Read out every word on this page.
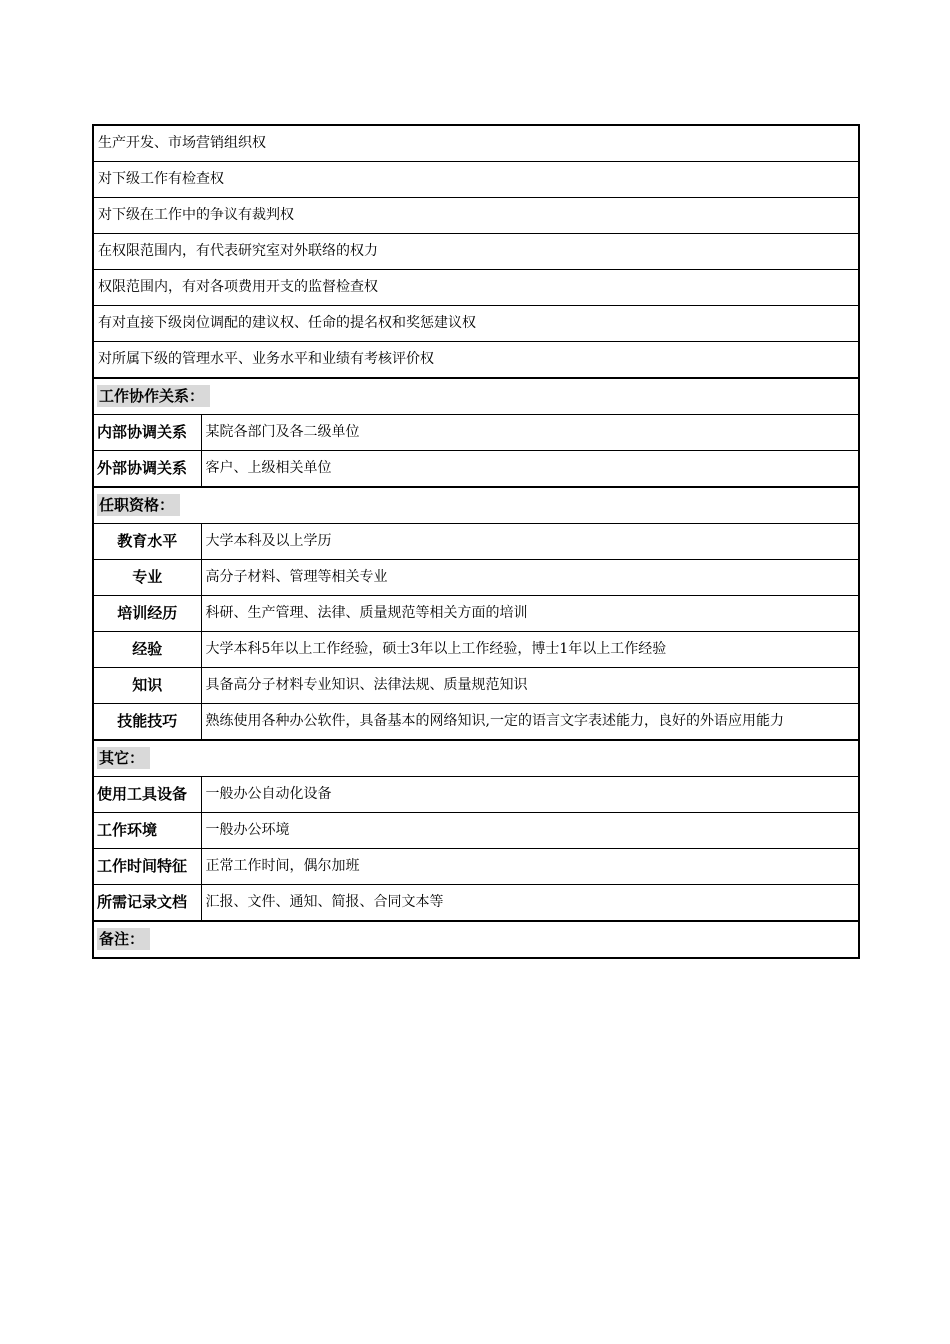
生产开发、市场营销组织权	
对下级工作有检查权	
对下级在工作中的争议有裁判权	
在权限范围内，有代表研究室对外联络的权力	
权限范围内，有对各项费用开支的监督检查权	
有对直接下级岗位调配的建议权、任命的提名权和奖惩建议权	
对所属下级的管理水平、业务水平和业绩有考核评价权	
工作协作关系：	
内部协调关系	某院各部门及各二级单位
外部协调关系	客户、上级相关单位
任职资格：	
教育水平	大学本科及以上学历
专业	高分子材料、管理等相关专业
培训经历	科研、生产管理、法律、质量规范等相关方面的培训
经验	大学本科5年以上工作经验，硕士3年以上工作经验，博士1年以上工作经验
知识	具备高分子材料专业知识、法律法规、质量规范知识
技能技巧	熟练使用各种办公软件，具备基本的网络知识,一定的语言文字表述能力，良好的外语应用能力
其它：	
使用工具设备	一般办公自动化设备
工作环境	一般办公环境
工作时间特征	正常工作时间，偶尔加班
所需记录文档	汇报、文件、通知、简报、合同文本等
备注：	
